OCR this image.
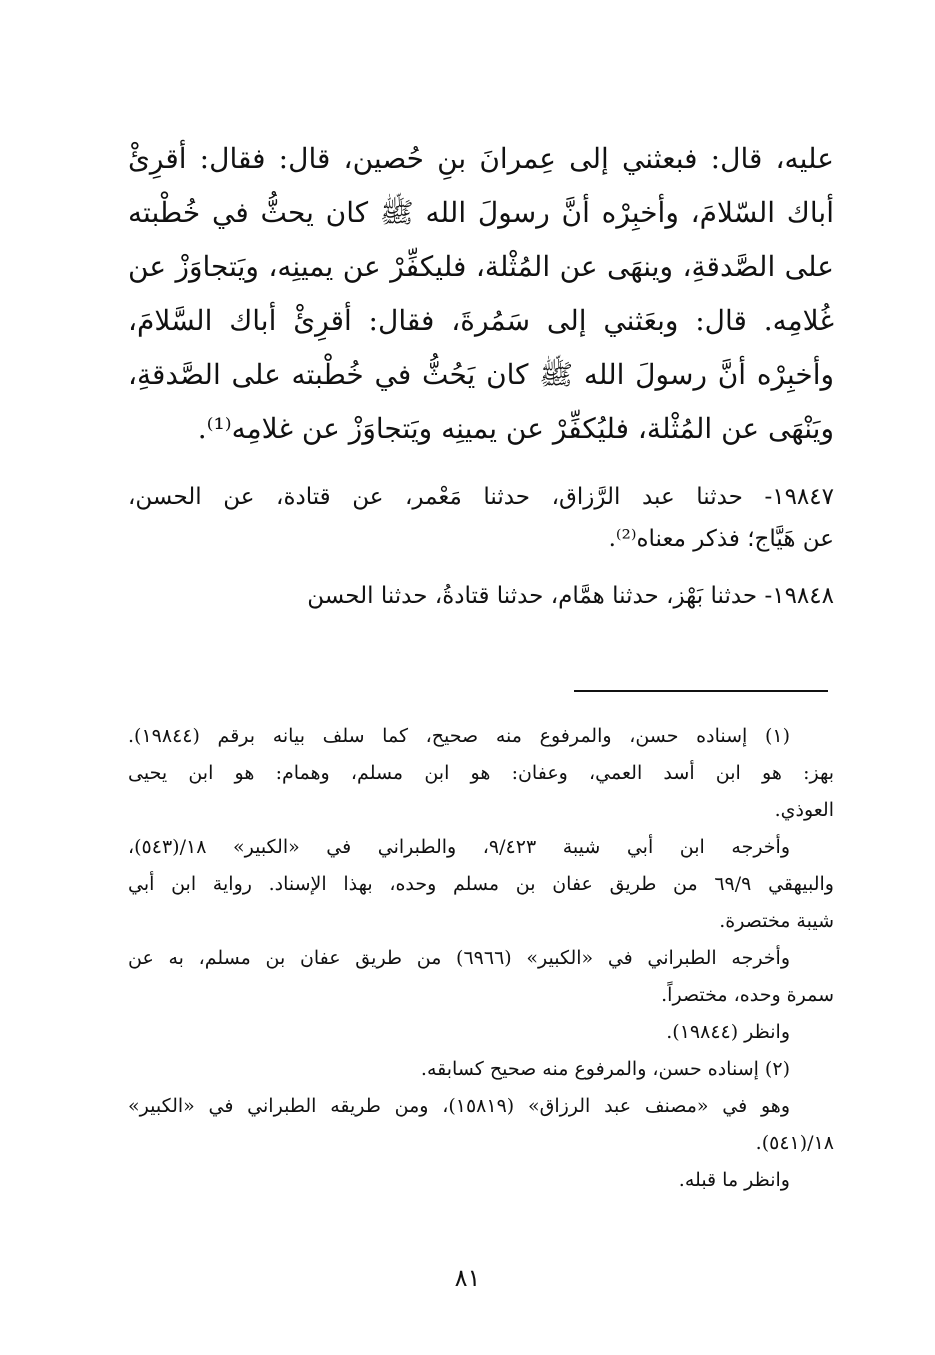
عليه، قال: فبعثني إلى عِمرانَ بنِ حُصين، قال: فقال: أقرِئْ
أباك السّلامَ، وأخبِرْه أنَّ رسولَ الله ﷺ كان يحثُّ في خُطْبته
على الصَّدقةِ، وينهَى عن المُثْلة، فليكفِّرْ عن يمينِه، ويَتجاوَزْ عن
غُلامِه. قال: وبعَثني إلى سَمُرةَ، فقال: أقرِئْ أباك السَّلامَ،
وأخبِرْه أنَّ رسولَ الله ﷺ كان يَحُثُّ في خُطْبته على الصَّدقةِ،
ويَنْهَى عن المُثْلة، فليُكفِّرْ عن يمينِه ويَتجاوَزْ عن غلامِه⁽¹⁾.
١٩٨٤٧- حدثنا عبد الرَّزاق، حدثنا مَعْمر، عن قتادة، عن الحسن،
عن هَيَّاج؛ فذكر معناه⁽²⁾.
١٩٨٤٨- حدثنا بَهْز، حدثنا همَّام، حدثنا قتادةُ، حدثنا الحسن
(١) إسناده حسن، والمرفوع منه صحيح، كما سلف بيانه برقم (١٩٨٤٤).
بهز: هو ابن أسد العمي، وعفان: هو ابن مسلم، وهمام: هو ابن يحيى
العوذي.
وأخرجه ابن أبي شيبة ٩/٤٢٣، والطبراني في «الكبير» ١٨/(٥٤٣)،
والبيهقي ٦٩/٩ من طريق عفان بن مسلم وحده، بهذا الإسناد. رواية ابن أبي
شيبة مختصرة.
وأخرجه الطبراني في «الكبير» (٦٩٦٦) من طريق عفان بن مسلم، به عن
سمرة وحده، مختصراً.
وانظر (١٩٨٤٤).
(٢) إسناده حسن، والمرفوع منه صحيح كسابقه.
وهو في «مصنف عبد الرزاق» (١٥٨١٩)، ومن طريقه الطبراني في «الكبير»
١٨/(٥٤١).
وانظر ما قبله.
٨١
